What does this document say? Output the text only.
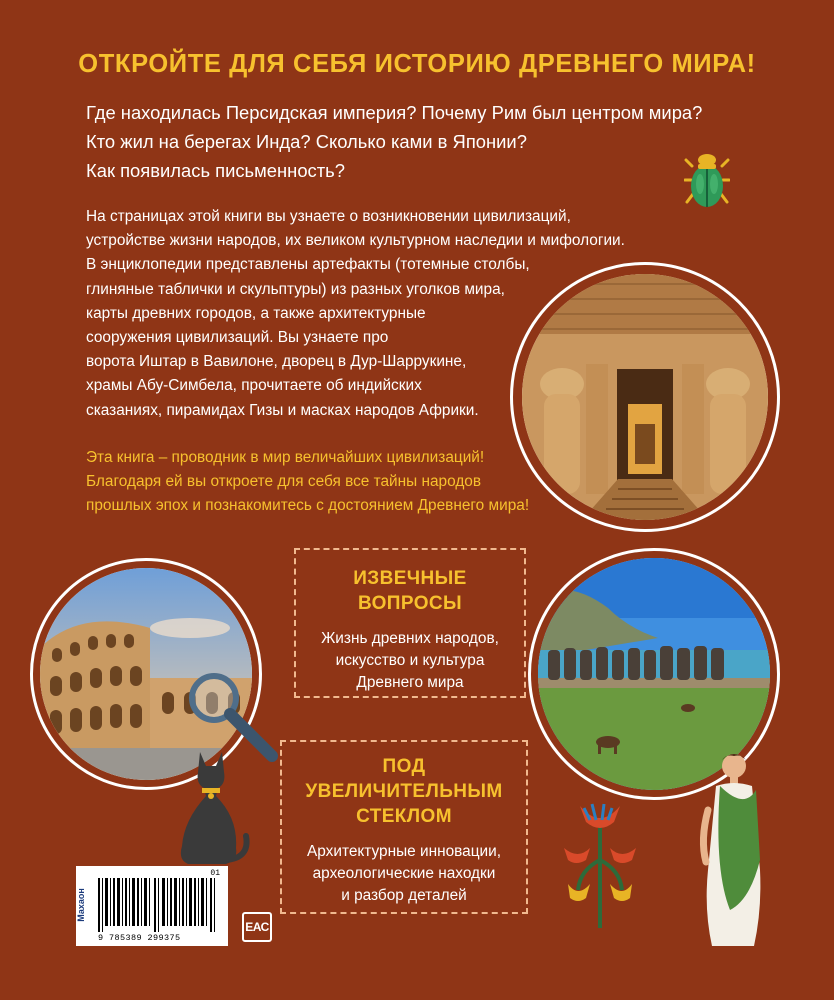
ОТКРОЙТЕ ДЛЯ СЕБЯ ИСТОРИЮ ДРЕВНЕГО МИРА!
Где находилась Персидская империя? Почему Рим был центром мира?
Кто жил на берегах Инда? Сколько ками в Японии?
Как появилась письменность?
На страницах этой книги вы узнаете о возникновении цивилизаций,
устройстве жизни народов, их великом культурном наследии и мифологии.
В энциклопедии представлены артефакты (тотемные столбы,
глиняные таблички и скульптуры) из разных уголков мира,
карты древних городов, а также архитектурные
сооружения цивилизаций. Вы узнаете про
ворота Иштар в Вавилоне, дворец в Дур-Шаррукине,
храмы Абу-Симбела, прочитаете об индийских
сказаниях, пирамидах Гизы и масках народов Африки.
Эта книга – проводник в мир величайших цивилизаций!
Благодаря ей вы откроете для себя все тайны народов
прошлых эпох и познакомитесь с достоянием Древнего мира!
ИЗВЕЧНЫЕ
ВОПРОСЫ
Жизнь древних народов,
искусство и культура
Древнего мира
ПОД
УВЕЛИЧИТЕЛЬНЫМ
СТЕКЛОМ
Архитектурные инновации,
археологические находки
и разбор деталей
Махаон
01
9 785389 299375
ЕАС
